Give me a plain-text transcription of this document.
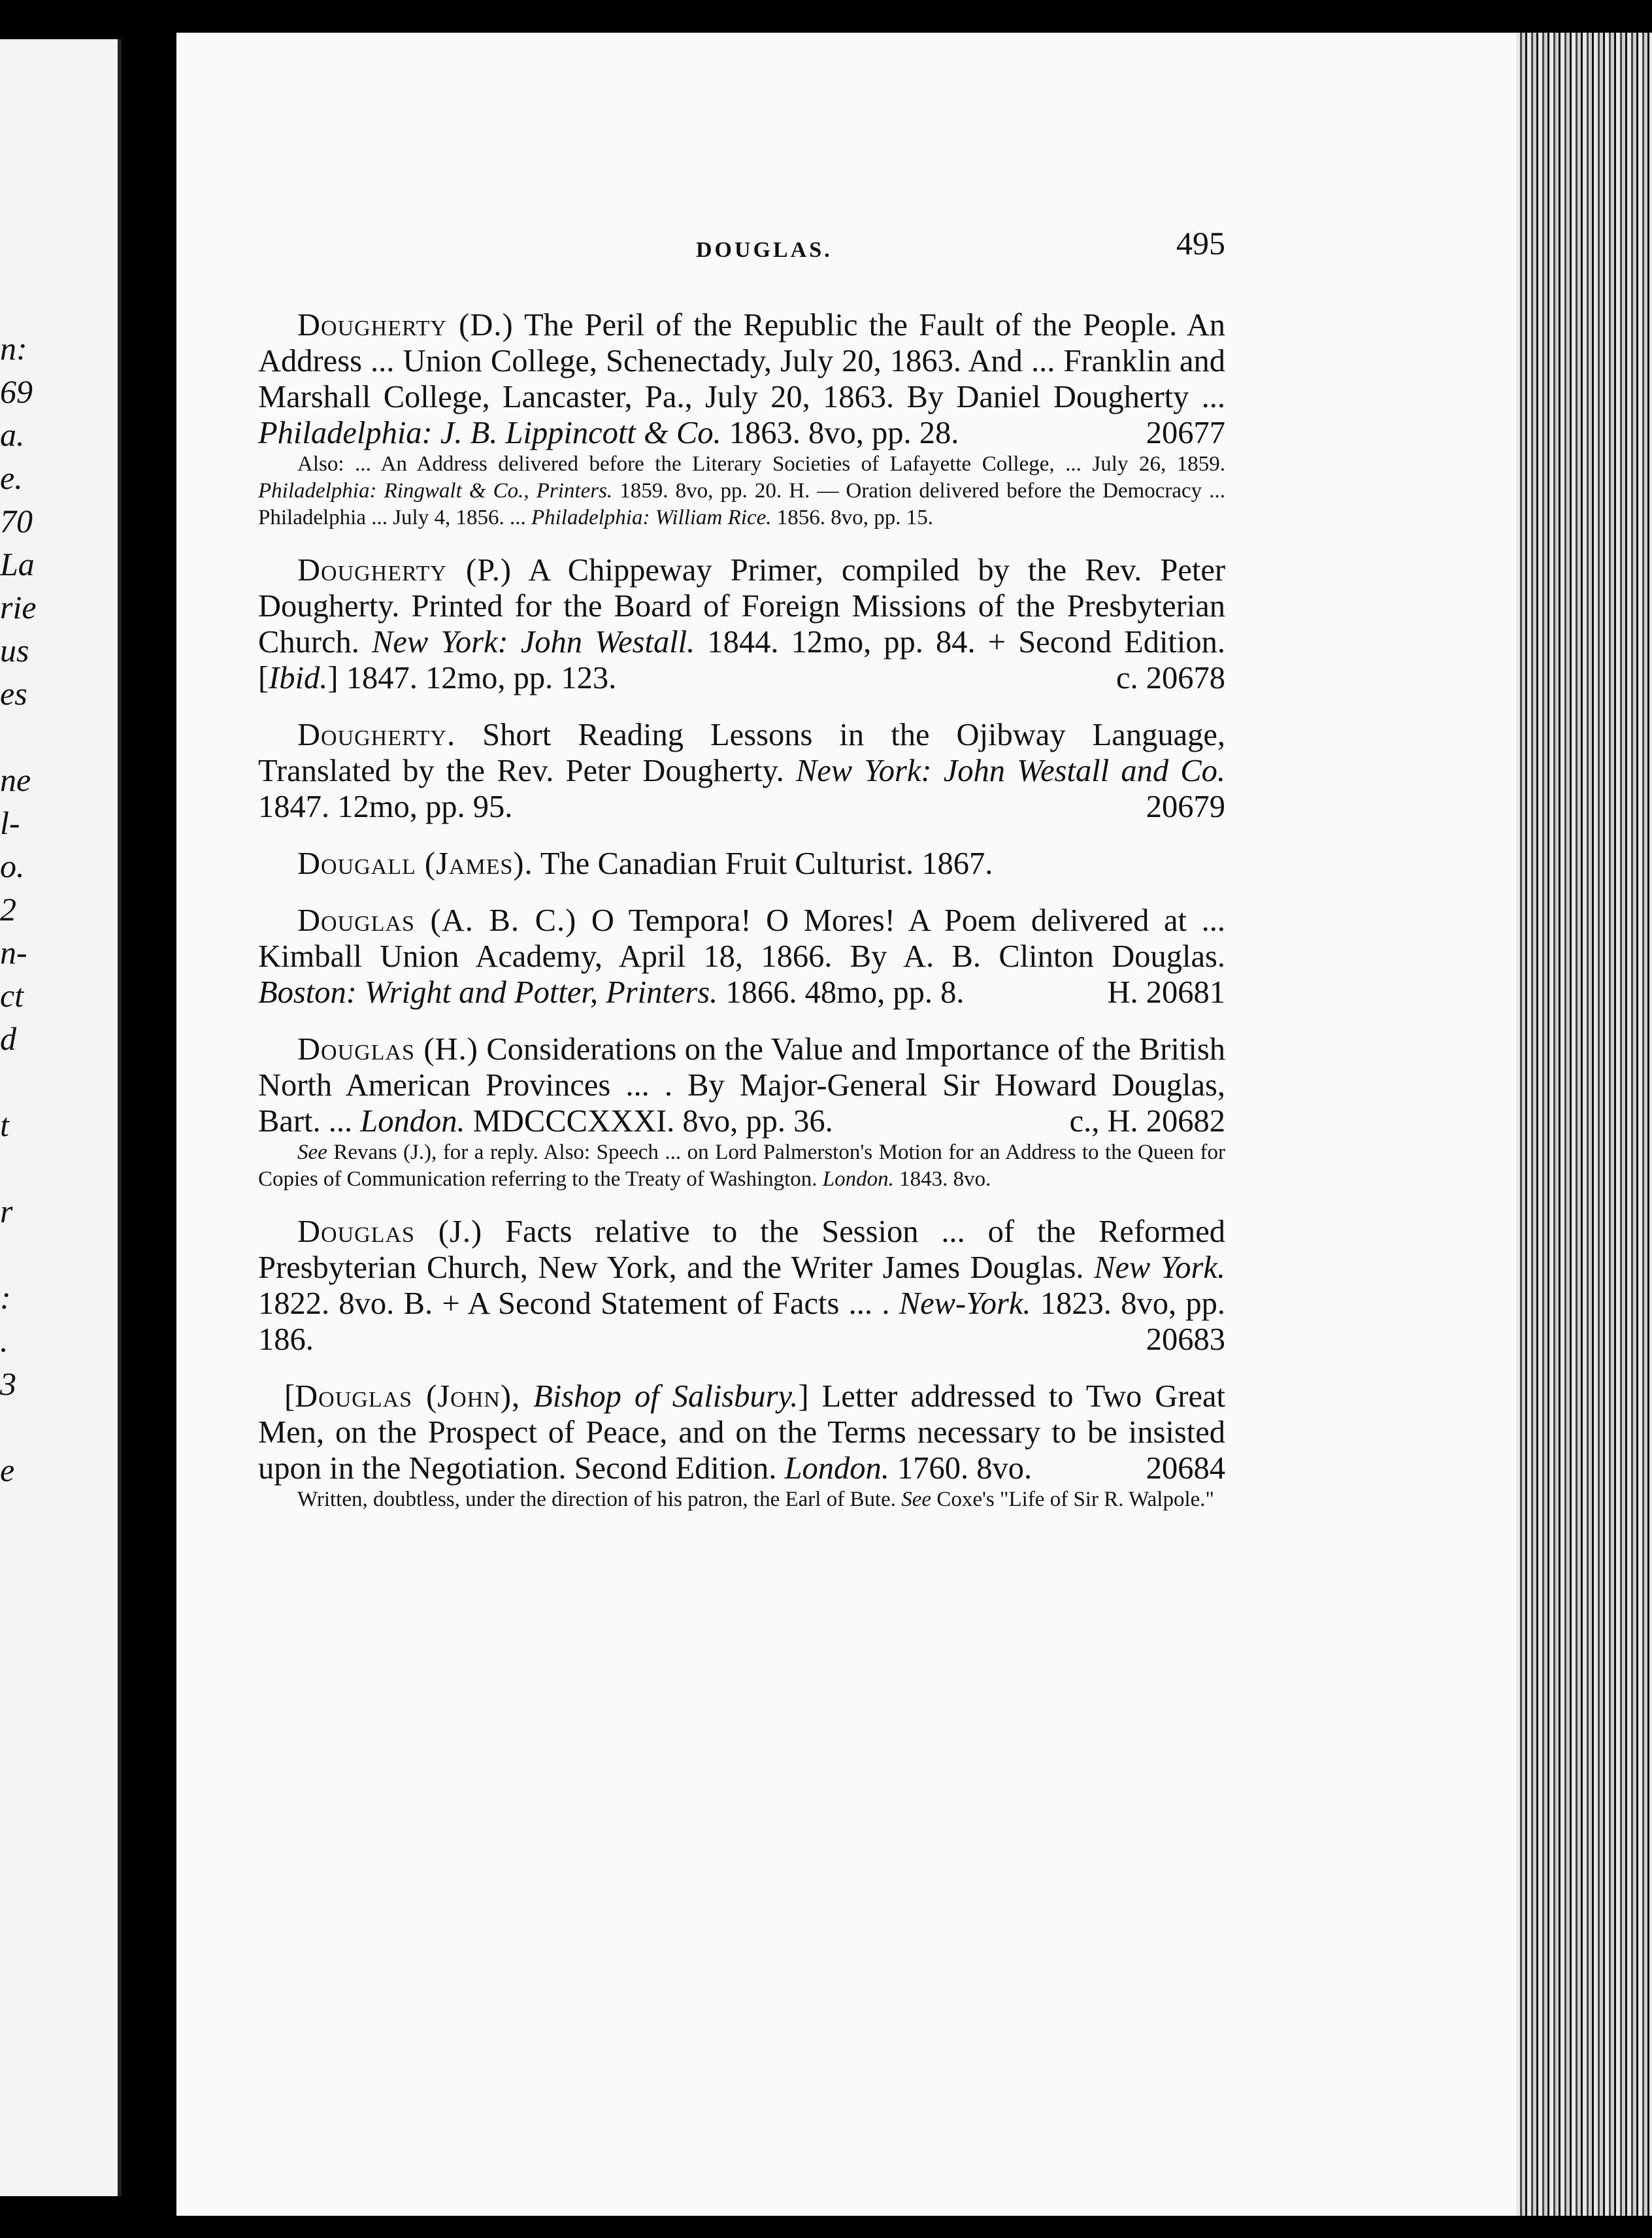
n:
69
a.
e.
70
La
rie
us
es
ne
l-
o.
2
n-
ct
d
t
r
:
.
3
e
DOUGLAS.	495

Dougherty (D.) The Peril of the Republic the Fault of the People. An Address ... Union College, Schenectady, July 20, 1863. And ... Franklin and Marshall College, Lancaster, Pa., July 20, 1863. By Daniel Dougherty ... Philadelphia: J. B. Lippincott & Co. 1863. 8vo, pp. 28.	20677

Also: ... An Address delivered before the Literary Societies of Lafayette College, ... July 26, 1859. Philadelphia: Ringwalt & Co., Printers. 1859. 8vo, pp. 20. H. — Oration delivered before the Democracy ... Philadelphia ... July 4, 1856. ... Philadelphia: William Rice. 1856. 8vo, pp. 15.

Dougherty (P.) A Chippeway Primer, compiled by the Rev. Peter Dougherty. Printed for the Board of Foreign Missions of the Presbyterian Church. New York: John Westall. 1844. 12mo, pp. 84. + Second Edition. [Ibid.] 1847. 12mo, pp. 123.	c. 20678

Dougherty. Short Reading Lessons in the Ojibway Language, Translated by the Rev. Peter Dougherty. New York: John Westall and Co. 1847. 12mo, pp. 95.	20679

Dougall (James). The Canadian Fruit Culturist. 1867.

Douglas (A. B. C.) O Tempora! O Mores! A Poem delivered at ... Kimball Union Academy, April 18, 1866. By A. B. Clinton Douglas. Boston: Wright and Potter, Printers. 1866. 48mo, pp. 8.	H. 20681

Douglas (H.) Considerations on the Value and Importance of the British North American Provinces ... . By Major-General Sir Howard Douglas, Bart. ... London. MDCCCXXXI. 8vo, pp. 36.	c., H. 20682

See Revans (J.), for a reply. Also: Speech ... on Lord Palmerston's Motion for an Address to the Queen for Copies of Communication referring to the Treaty of Washington. London. 1843. 8vo.

Douglas (J.) Facts relative to the Session ... of the Reformed Presbyterian Church, New York, and the Writer James Douglas. New York. 1822. 8vo. B. + A Second Statement of Facts ... . New-York. 1823. 8vo, pp. 186.	20683

[Douglas (John), Bishop of Salisbury.] Letter addressed to Two Great Men, on the Prospect of Peace, and on the Terms necessary to be insisted upon in the Negotiation. Second Edition. London. 1760. 8vo.	20684

Written, doubtless, under the direction of his patron, the Earl of Bute. See Coxe's "Life of Sir R. Walpole."
